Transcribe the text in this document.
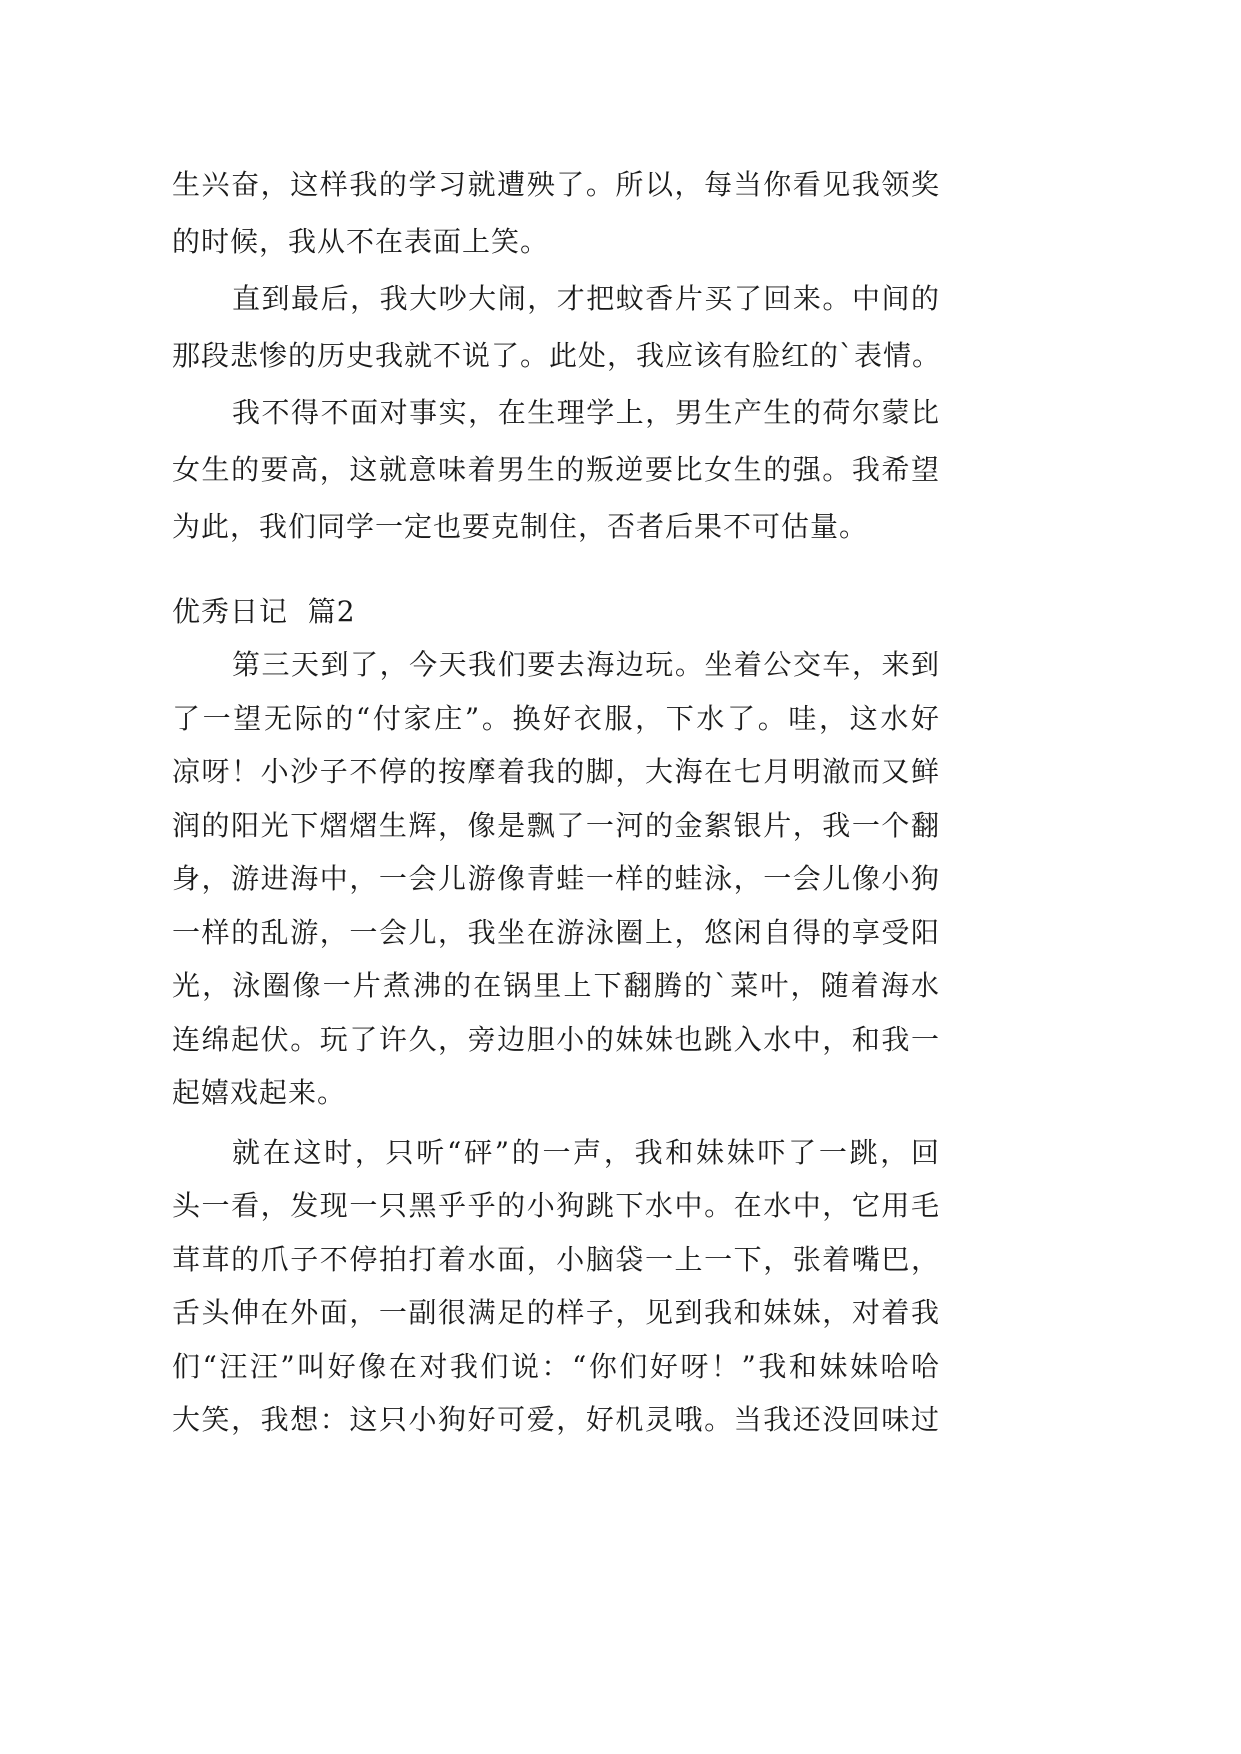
生兴奋，这样我的学习就遭殃了。所以，每当你看见我领奖
的时候，我从不在表面上笑。
直到最后，我大吵大闹，才把蚊香片买了回来。中间的
那段悲惨的历史我就不说了。此处，我应该有脸红的`表情。
我不得不面对事实，在生理学上，男生产生的荷尔蒙比
女生的要高，这就意味着男生的叛逆要比女生的强。我希望
为此，我们同学一定也要克制住，否者后果不可估量。
优秀日记  篇2
第三天到了，今天我们要去海边玩。坐着公交车，来到
了一望无际的“付家庄”。换好衣服，下水了。哇，这水好
凉呀！小沙子不停的按摩着我的脚，大海在七月明澈而又鲜
润的阳光下熠熠生辉，像是飘了一河的金絮银片，我一个翻
身，游进海中，一会儿游像青蛙一样的蛙泳，一会儿像小狗
一样的乱游，一会儿，我坐在游泳圈上，悠闲自得的享受阳
光，泳圈像一片煮沸的在锅里上下翻腾的`菜叶，随着海水
连绵起伏。玩了许久，旁边胆小的妹妹也跳入水中，和我一
起嬉戏起来。
就在这时，只听“砰”的一声，我和妹妹吓了一跳，回
头一看，发现一只黑乎乎的小狗跳下水中。在水中，它用毛
茸茸的爪子不停拍打着水面，小脑袋一上一下，张着嘴巴，
舌头伸在外面，一副很满足的样子，见到我和妹妹，对着我
们“汪汪”叫好像在对我们说：“你们好呀！”我和妹妹哈哈
大笑，我想：这只小狗好可爱，好机灵哦。当我还没回味过
